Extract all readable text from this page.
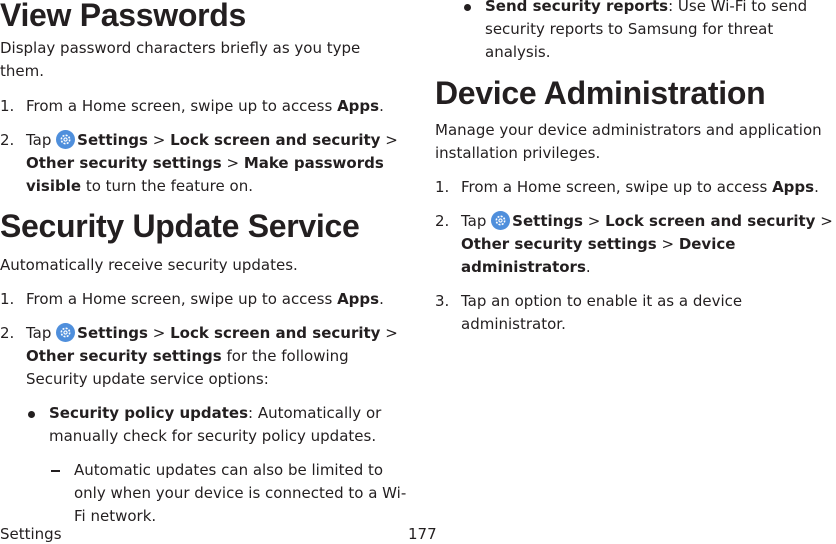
View Passwords

Display password characters briefly as you type them.

1. From a Home screen, swipe up to access Apps.
2. Tap
Settings > Lock screen and security > Other security settings > Make passwords visible to turn the feature on.
Security Update Service

Automatically receive security updates.

1. From a Home screen, swipe up to access Apps.
2. Tap
Settings > Lock screen and security > Other security settings for the following Security update service options:
Security policy updates: Automatically or manually check for security policy updates.
Automatic updates can also be limited to only when your device is connected to a Wi-Fi network.
Send security reports: Use Wi-Fi to send security reports to Samsung for threat analysis.
Device Administration

Manage your device administrators and application installation privileges.

1. From a Home screen, swipe up to access Apps.
2. Tap
Settings > Lock screen and security > Other security settings > Device administrators.
3. Tap an option to enable it as a device administrator.
Settings	177
